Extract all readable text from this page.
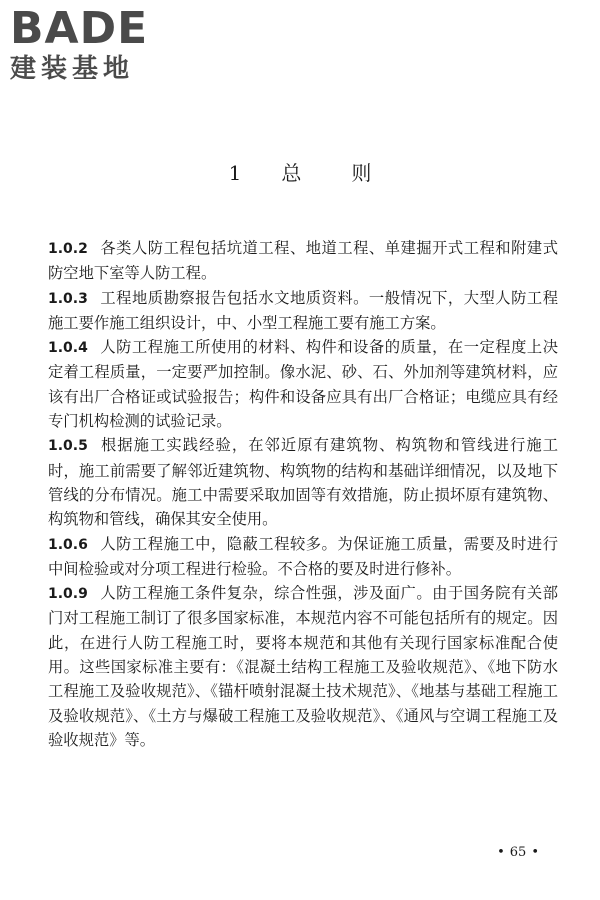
BADE
建装基地
1 总	则

1.0.2 各类人防工程包括坑道工程、地道工程、单建掘开式工程和附建式防空地下室等人防工程。

1.0.3 工程地质勘察报告包括水文地质资料。一般情况下，大型人防工程施工要作施工组织设计，中、小型工程施工要有施工方案。

1.0.4 人防工程施工所使用的材料、构件和设备的质量，在一定程度上决定着工程质量，一定要严加控制。像水泥、砂、石、外加剂等建筑材料，应该有出厂合格证或试验报告；构件和设备应具有出厂合格证；电缆应具有经专门机构检测的试验记录。

1.0.5 根据施工实践经验，在邻近原有建筑物、构筑物和管线进行施工时，施工前需要了解邻近建筑物、构筑物的结构和基础详细情况，以及地下管线的分布情况。施工中需要采取加固等有效措施，防止损坏原有建筑物、构筑物和管线，确保其安全使用。

1.0.6 人防工程施工中，隐蔽工程较多。为保证施工质量，需要及时进行中间检验或对分项工程进行检验。不合格的要及时进行修补。

1.0.9 人防工程施工条件复杂，综合性强，涉及面广。由于国务院有关部门对工程施工制订了很多国家标准，本规范内容不可能包括所有的规定。因此，在进行人防工程施工时，要将本规范和其他有关现行国家标准配合使用。这些国家标准主要有：《混凝土结构工程施工及验收规范》、《地下防水工程施工及验收规范》、《锚杆喷射混凝土技术规范》、《地基与基础工程施工及验收规范》、《土方与爆破工程施工及验收规范》、《通风与空调工程施工及验收规范》等。

• 65 •
